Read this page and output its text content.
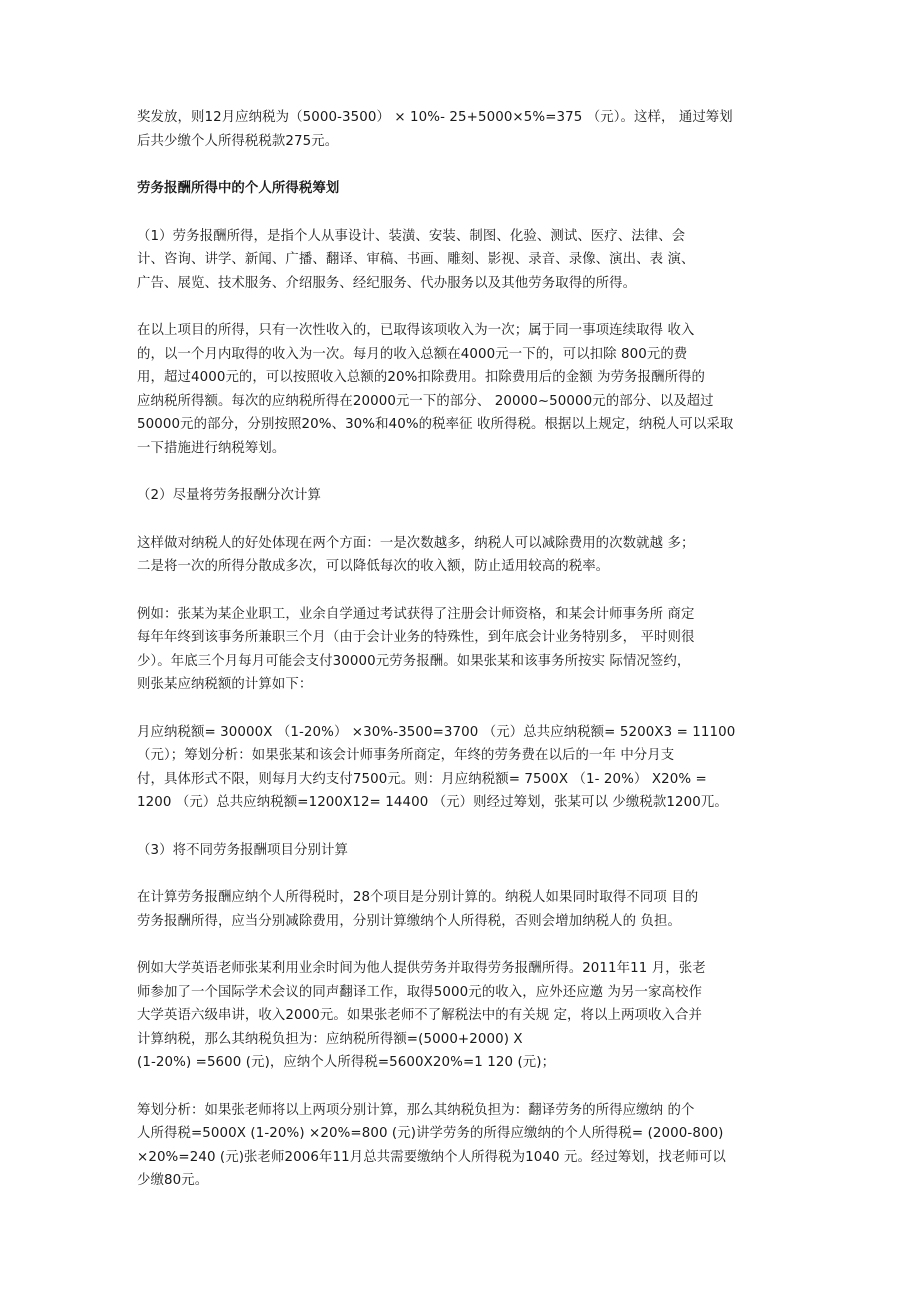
奖发放，则12月应纳税为（5000-3500） × 10%- 25+5000×5%=375 （元）。这样， 通过筹划
后共少缴个人所得税税款275元。

劳务报酬所得中的个人所得税筹划

（1）劳务报酬所得，是指个人从事设计、装潢、安装、制图、化验、测试、医疗、法律、会
计、咨询、讲学、新闻、广播、翻译、审稿、书画、雕刻、影视、录音、录像、演出、表 演、
广告、展览、技术服务、介绍服务、经纪服务、代办服务以及其他劳务取得的所得。

在以上项目的所得，只有一次性收入的，已取得该项收入为一次；属于同一事项连续取得 收入
的，以一个月内取得的收入为一次。每月的收入总额在4000元一下的，可以扣除 800元的费
用，超过4000元的，可以按照收入总额的20%扣除费用。扣除费用后的金额 为劳务报酬所得的
应纳税所得额。每次的应纳税所得在20000元一下的部分、 20000~50000元的部分、以及超过
50000元的部分，分别按照20%、30%和40%的税率征 收所得税。根据以上规定，纳税人可以采取
一下措施进行纳税筹划。

（2）尽量将劳务报酬分次计算

这样做对纳税人的好处体现在两个方面：一是次数越多，纳税人可以减除费用的次数就越 多；
二是将一次的所得分散成多次，可以降低每次的收入额，防止适用较高的税率。

例如：张某为某企业职工，业余自学通过考试获得了注册会计师资格，和某会计师事务所 商定
每年年终到该事务所兼职三个月（由于会计业务的特殊性，到年底会计业务特别多， 平时则很
少）。年底三个月每月可能会支付30000元劳务报酬。如果张某和该事务所按实 际情况签约，
则张某应纳税额的计算如下：

月应纳税额= 30000X （1-20%） ×30%-3500=3700 （元）总共应纳税额= 5200X3 = 11100
（元）；筹划分析：如果张某和该会计师事务所商定，年终的劳务费在以后的一年 中分月支
付，具体形式不限，则每月大约支付7500元。则：月应纳税额= 7500X （1- 20%） X20% =
1200 （元）总共应纳税额=1200X12= 14400 （元）则经过筹划，张某可以 少缴税款1200兀。

（3）将不同劳务报酬项目分别计算

在计算劳务报酬应纳个人所得税时，28个项目是分别计算的。纳税人如果同时取得不同项 目的
劳务报酬所得，应当分别减除费用，分别计算缴纳个人所得税，否则会增加纳税人的 负担。

例如大学英语老师张某利用业余时间为他人提供劳务并取得劳务报酬所得。2011年11 月，张老
师参加了一个国际学术会议的同声翻译工作，取得5000元的收入，应外还应邀 为另一家高校作
大学英语六级串讲，收入2000元。如果张老师不了解税法中的有关规 定，将以上两项收入合并
计算纳税，那么其纳税负担为：应纳税所得额=(5000+2000) X
(1-20%) =5600 (元)，应纳个人所得税=5600X20%=1 120 (元)；

筹划分析：如果张老师将以上两项分别计算，那么其纳税负担为：翻译劳务的所得应缴纳 的个
人所得税=5000X (1-20%) ×20%=800 (元)讲学劳务的所得应缴纳的个人所得税= (2000-800)
×20%=240 (元)张老师2006年11月总共需要缴纳个人所得税为1040 元。经过筹划，找老师可以
少缴80元。
